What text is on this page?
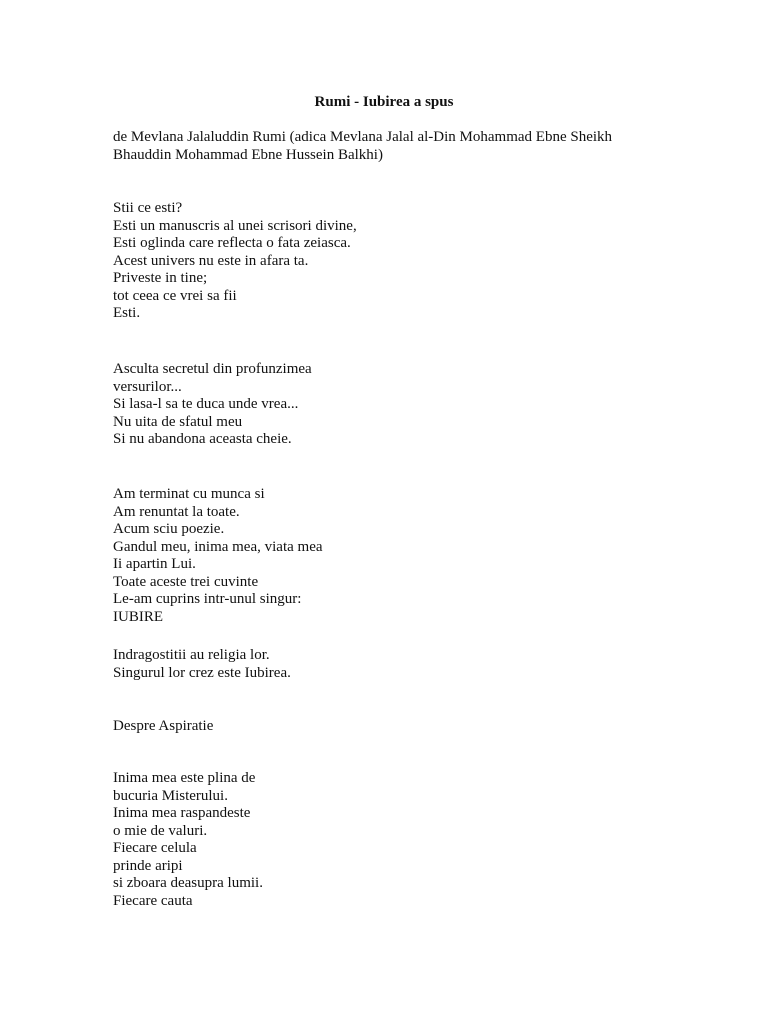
Rumi - Iubirea a spus
de Mevlana Jalaluddin Rumi (adica Mevlana Jalal al-Din Mohammad Ebne Sheikh Bhauddin Mohammad Ebne Hussein Balkhi)
Stii ce esti?
Esti un manuscris al unei scrisori divine,
Esti oglinda care reflecta o fata zeiasca.
Acest univers nu este in afara ta.
Priveste in tine;
tot ceea ce vrei sa fii
Esti.
Asculta secretul din profunzimea
versurilor...
Si lasa-l sa te duca unde vrea...
Nu uita de sfatul meu
Si nu abandona aceasta cheie.
Am terminat cu munca si
Am renuntat la toate.
Acum sciu poezie.
Gandul meu, inima mea, viata mea
Ii apartin Lui.
Toate aceste trei cuvinte
Le-am cuprins intr-unul singur:
IUBIRE
Indragostitii au religia lor.
Singurul lor crez este Iubirea.
Despre Aspiratie
Inima mea este plina de
bucuria Misterului.
Inima mea raspandeste
o mie de valuri.
Fiecare celula
prinde aripi
si zboara deasupra lumii.
Fiecare cauta
